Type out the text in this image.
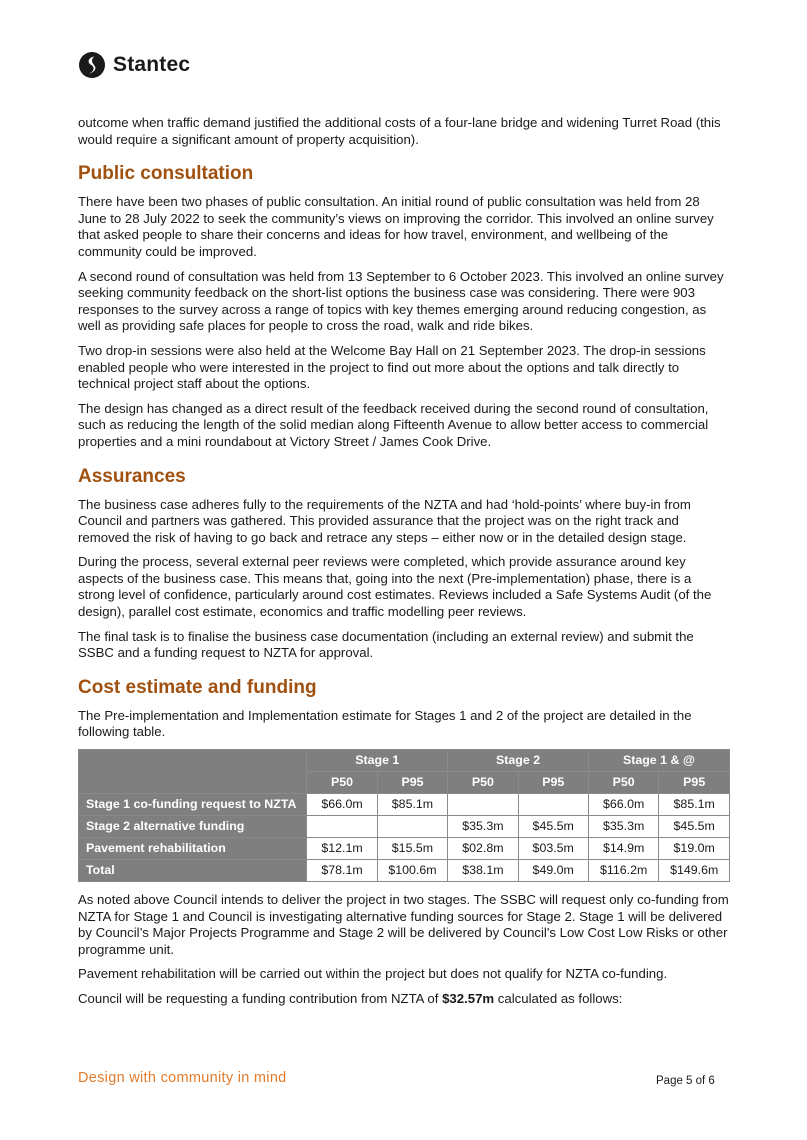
Stantec

outcome when traffic demand justified the additional costs of a four-lane bridge and widening Turret Road (this would require a significant amount of property acquisition).

Public consultation

There have been two phases of public consultation. An initial round of public consultation was held from 28 June to 28 July 2022 to seek the community’s views on improving the corridor. This involved an online survey that asked people to share their concerns and ideas for how travel, environment, and wellbeing of the community could be improved.

A second round of consultation was held from 13 September to 6 October 2023. This involved an online survey seeking community feedback on the short-list options the business case was considering. There were 903 responses to the survey across a range of topics with key themes emerging around reducing congestion, as well as providing safe places for people to cross the road, walk and ride bikes.

Two drop-in sessions were also held at the Welcome Bay Hall on 21 September 2023. The drop-in sessions enabled people who were interested in the project to find out more about the options and talk directly to technical project staff about the options.

The design has changed as a direct result of the feedback received during the second round of consultation, such as reducing the length of the solid median along Fifteenth Avenue to allow better access to commercial properties and a mini roundabout at Victory Street / James Cook Drive.

Assurances

The business case adheres fully to the requirements of the NZTA and had ‘hold-points’ where buy-in from Council and partners was gathered. This provided assurance that the project was on the right track and removed the risk of having to go back and retrace any steps – either now or in the detailed design stage.

During the process, several external peer reviews were completed, which provide assurance around key aspects of the business case. This means that, going into the next (Pre-implementation) phase, there is a strong level of confidence, particularly around cost estimates. Reviews included a Safe Systems Audit (of the design), parallel cost estimate, economics and traffic modelling peer reviews.

The final task is to finalise the business case documentation (including an external review) and submit the SSBC and a funding request to NZTA for approval.

Cost estimate and funding

The Pre-implementation and Implementation estimate for Stages 1 and 2 of the project are detailed in the following table.

	Stage 1		Stage 2		Stage 1 & @	
	P50	P95	P50	P95	P50	P95
Stage 1 co-funding request to NZTA	$66.0m	$85.1m			$66.0m	$85.1m
Stage 2 alternative funding			$35.3m	$45.5m	$35.3m	$45.5m
Pavement rehabilitation	$12.1m	$15.5m	$02.8m	$03.5m	$14.9m	$19.0m
Total	$78.1m	$100.6m	$38.1m	$49.0m	$116.2m	$149.6m

As noted above Council intends to deliver the project in two stages. The SSBC will request only co-funding from NZTA for Stage 1 and Council is investigating alternative funding sources for Stage 2. Stage 1 will be delivered by Council’s Major Projects Programme and Stage 2 will be delivered by Council's Low Cost Low Risks or other programme unit.

Pavement rehabilitation will be carried out within the project but does not qualify for NZTA co-funding.

Council will be requesting a funding contribution from NZTA of $32.57m calculated as follows:

Design with community in mind	Page 5 of 6
